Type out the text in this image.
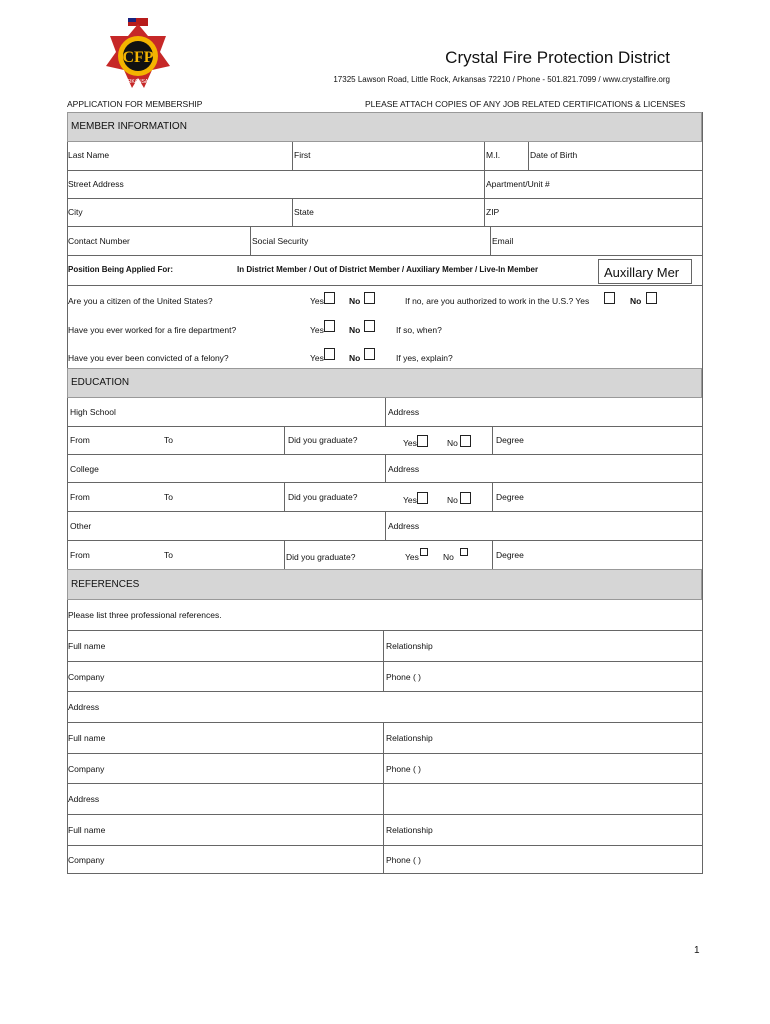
CFP
ARKANSAS
Crystal Fire Protection District
17325 Lawson Road, Little Rock, Arkansas 72210 / Phone - 501.821.7099 / www.crystalfire.org
APPLICATION FOR MEMBERSHIP	PLEASE ATTACH COPIES OF ANY JOB RELATED CERTIFICATIONS & LICENSES
MEMBER INFORMATION
Last Name	First	M.I.	Date of Birth
Street Address	Apartment/Unit #
City	State	ZIP
Contact Number	Social Security	Email
Position Being Applied For:	In District Member / Out of District Member / Auxiliary Member / Live-In Member	Auxillary Mer
Are you a citizen of the United States?	Yes	No	If no, are you authorized to work in the U.S.? Yes	No
Have you ever worked for a fire department?	Yes	No	If so, when?
Have you ever been convicted of a felony?	Yes	No	If yes, explain?
EDUCATION
High School	Address
From	To	Did you graduate?	Yes	No	Degree
College	Address
From	To	Did you graduate?	Yes	No	Degree
Other	Address
From	To	Did you graduate?	Yes	No	Degree
REFERENCES
Please list three professional references.
Full name	Relationship
Company	Phone ( )
Address
Full name	Relationship
Company	Phone ( )
Address
Full name	Relationship
Company	Phone ( )
1
